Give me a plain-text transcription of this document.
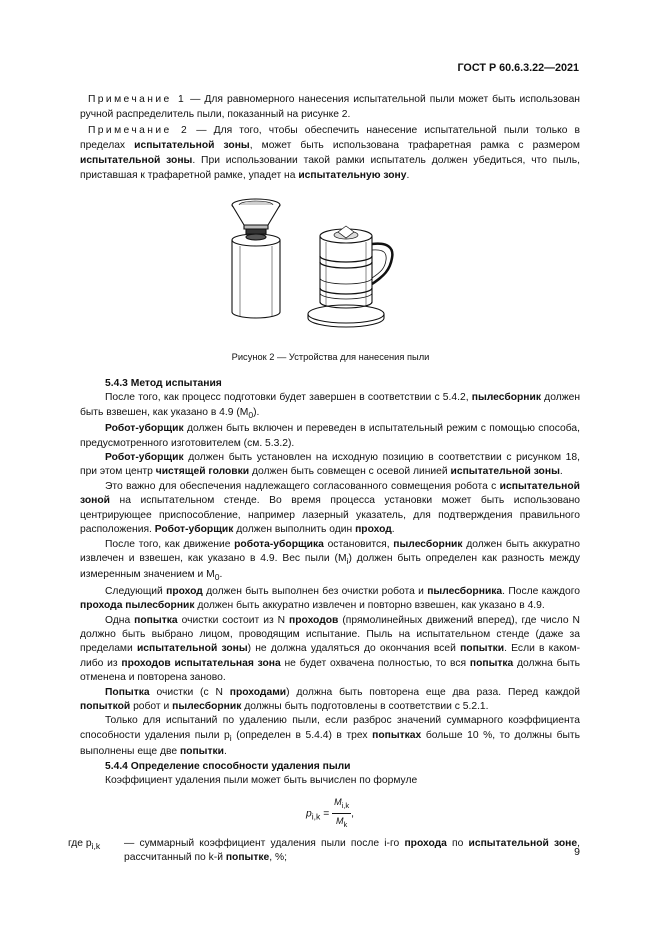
ГОСТ Р 60.6.3.22—2021

Примечание 1 — Для равномерного нанесения испытательной пыли может быть использован ручной распределитель пыли, показанный на рисунке 2.

Примечание 2 — Для того, чтобы обеспечить нанесение испытательной пыли только в пределах испытательной зоны, может быть использована трафаретная рамка с размером испытательной зоны. При использовании такой рамки испытатель должен убедиться, что пыль, приставшая к трафаретной рамке, упадет на испытательную зону.

Рисунок 2 — Устройства для нанесения пыли

5.4.3 Метод испытания

После того, как процесс подготовки будет завершен в соответствии с 5.4.2, пылесборник должен быть взвешен, как указано в 4.9 $(M_0)$.

Робот-уборщик должен быть включен и переведен в испытательный режим с помощью способа, предусмотренного изготовителем (см. 5.3.2).

Робот-уборщик должен быть установлен на исходную позицию в соответствии с рисунком 18, при этом центр чистящей головки должен быть совмещен с осевой линией испытательной зоны.

Это важно для обеспечения надлежащего согласованного совмещения робота с испытательной зоной на испытательном стенде. Во время процесса установки может быть использовано центрирующее приспособление, например лазерный указатель, для подтверждения правильного расположения. Робот-уборщик должен выполнить один проход.

После того, как движение робота-уборщика остановится, пылесборник должен быть аккуратно извлечен и взвешен, как указано в 4.9. Вес пыли $(M_i)$ должен быть определен как разность между измеренным значением и $M_0$.

Следующий проход должен быть выполнен без очистки робота и пылесборника. После каждого прохода пылесборник должен быть аккуратно извлечен и повторно взвешен, как указано в 4.9.

Одна попытка очистки состоит из N проходов (прямолинейных движений вперед), где число N должно быть выбрано лицом, проводящим испытание. Пыль на испытательном стенде (даже за пределами испытательной зоны) не должна удаляться до окончания всей попытки. Если в каком-либо из проходов испытательная зона не будет охвачена полностью, то вся попытка должна быть отменена и повторена заново.

Попытка очистки (с N проходами) должна быть повторена еще два раза. Перед каждой попыткой робот и пылесборник должны быть подготовлены в соответствии с 5.2.1.

Только для испытаний по удалению пыли, если разброс значений суммарного коэффициента способности удаления пыли $p_i$ (определен в 5.4.4) в трех попытках больше 10 %, то должны быть выполнены еще две попытки.

5.4.4 Определение способности удаления пыли

Коэффициент удаления пыли может быть вычислен по формуле

$p_{i,k} = \frac{M_{i,k}}{M_k}$ ,

где $p_{i,k}$ — суммарный коэффициент удаления пыли после i-го прохода по испытательной зоне, рассчитанный по k-й попытке, %;	9
